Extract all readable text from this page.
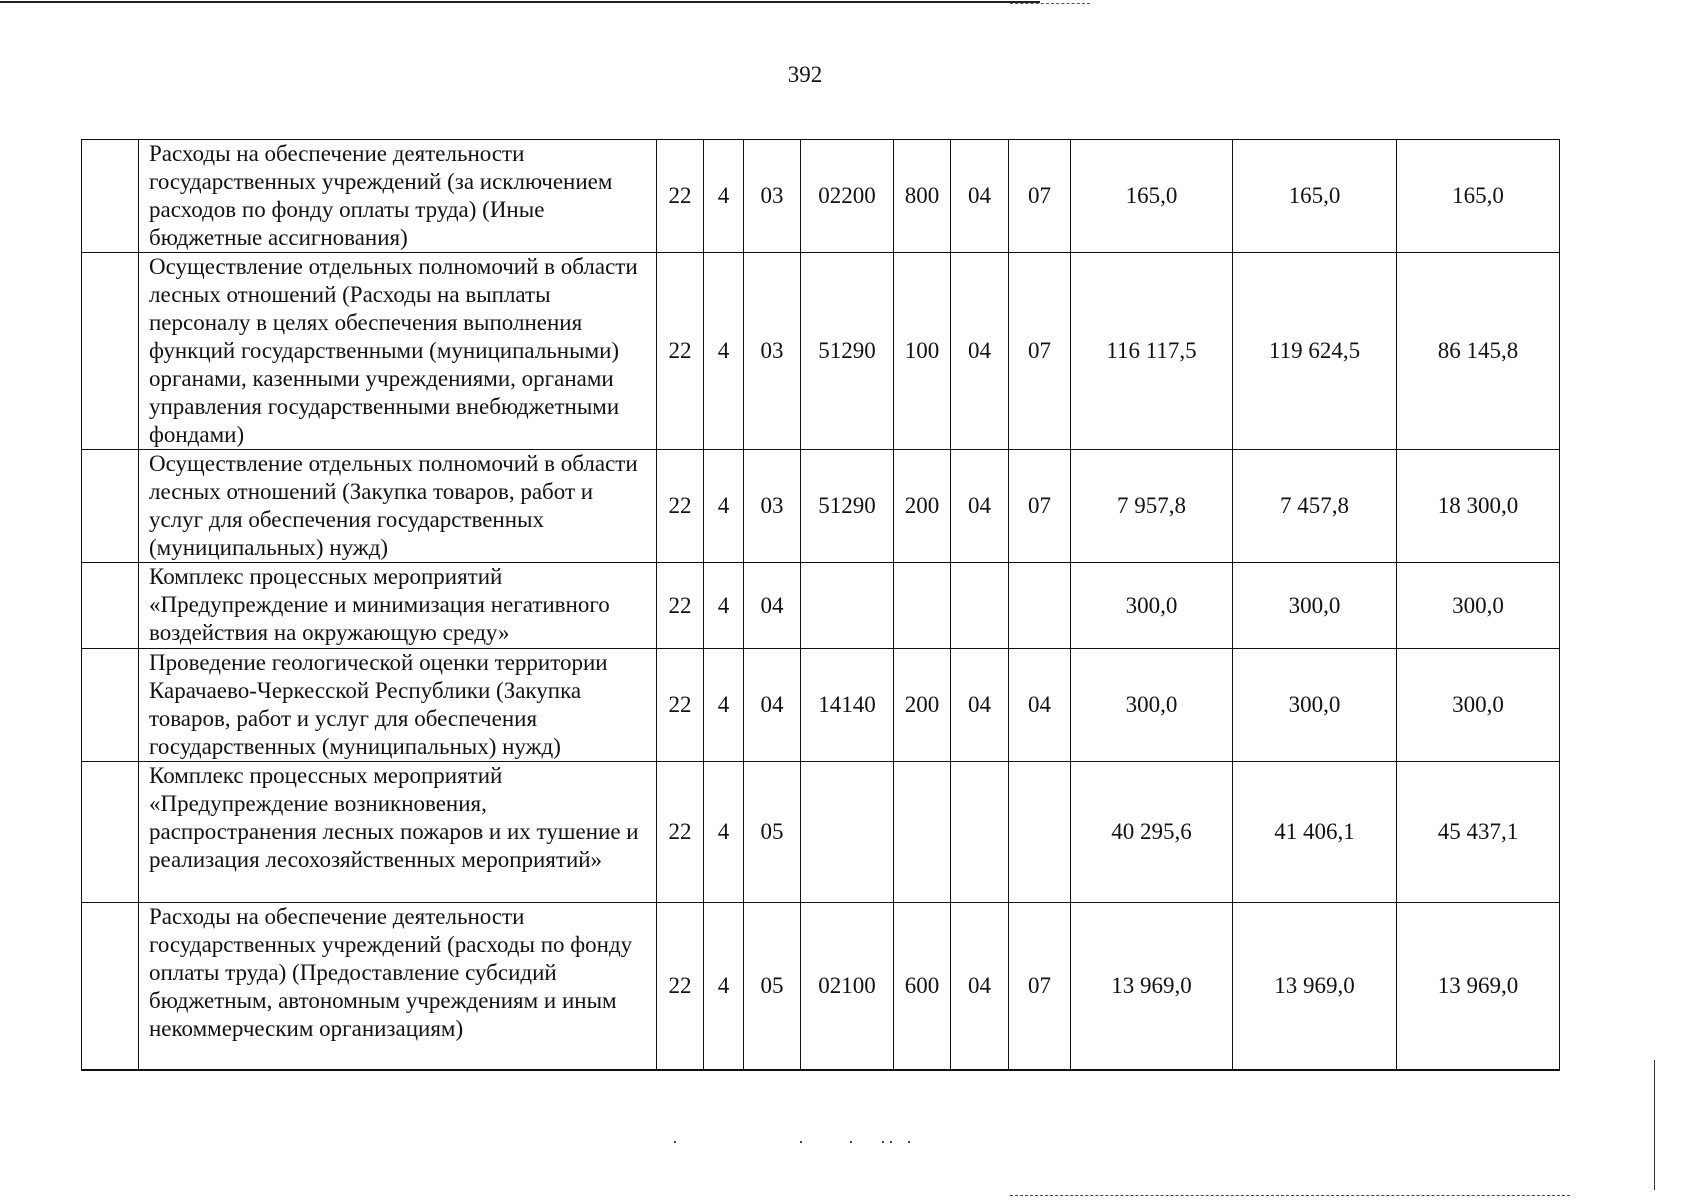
392
	Расходы на обеспечение деятельности государственных учреждений (за исключением расходов по фонду оплаты труда) (Иные бюджетные ассигнования)	22	4	03	02200	800	04	07	165,0	165,0	165,0
	Осуществление отдельных полномочий в области лесных отношений (Расходы на выплаты персоналу в целях обеспечения выполнения функций государственными (муниципальными) органами, казенными учреждениями, органами управления государственными внебюджетными фондами)	22	4	03	51290	100	04	07	116 117,5	119 624,5	86 145,8
	Осуществление отдельных полномочий в области лесных отношений (Закупка товаров, работ и услуг для обеспечения государственных (муниципальных) нужд)	22	4	03	51290	200	04	07	7 957,8	7 457,8	18 300,0
	Комплекс процессных мероприятий «Предупреждение и минимизация негативного воздействия на окружающую среду»	22	4	04					300,0	300,0	300,0
	Проведение геологической оценки территории Карачаево-Черкесской Республики (Закупка товаров, работ и услуг для обеспечения государственных (муниципальных) нужд)	22	4	04	14140	200	04	04	300,0	300,0	300,0
	Комплекс процессных мероприятий «Предупреждение возникновения, распространения лесных пожаров и их тушение и реализация лесохозяйственных мероприятий»	22	4	05					40 295,6	41 406,1	45 437,1
	Расходы на обеспечение деятельности государственных учреждений (расходы по фонду оплаты труда) (Предоставление субсидий бюджетным, автономным учреждениям и иным некоммерческим организациям)	22	4	05	02100	600	04	07	13 969,0	13 969,0	13 969,0
